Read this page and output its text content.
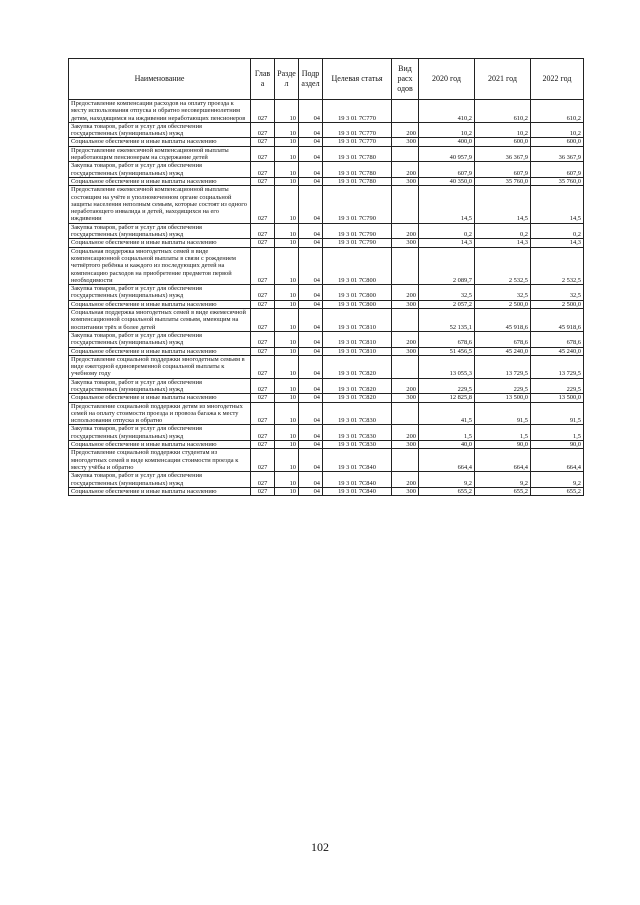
Наименование	Глав а	Разде л	Подр аздел	Целевая статья	Вид расх одов	2020 год	2021 год	2022 год
Предоставление компенсации расходов на оплату проезда к месту использования отпуска и обратно несовершеннолетним детям, находящимся на иждивении неработающих пенсионеров	027	10	04	19 3 01 7С770		410,2	610,2	610,2
Закупка товаров, работ и услуг для обеспечения государственных (муниципальных) нужд	027	10	04	19 3 01 7С770	200	10,2	10,2	10,2
Социальное обеспечение и иные выплаты населению	027	10	04	19 3 01 7С770	300	400,0	600,0	600,0
Предоставление ежемесячной компенсационной выплаты неработающим пенсионерам на содержание детей	027	10	04	19 3 01 7С780		40 957,9	36 367,9	36 367,9
Закупка товаров, работ и услуг для обеспечения государственных (муниципальных) нужд	027	10	04	19 3 01 7С780	200	607,9	607,9	607,9
Социальное обеспечение и иные выплаты населению	027	10	04	19 3 01 7С780	300	40 350,0	35 760,0	35 760,0
Предоставление ежемесячной компенсационной выплаты состоящим на учёте в уполномоченном органе социальной защиты населения неполным семьям, которые состоят из одного неработающего инвалида и детей, находящихся на его иждивении	027	10	04	19 3 01 7С790		14,5	14,5	14,5
Закупка товаров, работ и услуг для обеспечения государственных (муниципальных) нужд	027	10	04	19 3 01 7С790	200	0,2	0,2	0,2
Социальное обеспечение и иные выплаты населению	027	10	04	19 3 01 7С790	300	14,3	14,3	14,3
Социальная поддержка многодетных семей в виде компенсационной социальной выплаты в связи с рождением четвёртого ребёнка и каждого из последующих детей на компенсацию расходов на приобретение предметов первой необходимости	027	10	04	19 3 01 7С800		2 089,7	2 532,5	2 532,5
Закупка товаров, работ и услуг для обеспечения государственных (муниципальных) нужд	027	10	04	19 3 01 7С800	200	32,5	32,5	32,5
Социальное обеспечение и иные выплаты населению	027	10	04	19 3 01 7С800	300	2 057,2	2 500,0	2 500,0
Социальная поддержка многодетных семей в виде ежемесячной компенсационной социальной выплаты семьям, имеющим на воспитании трёх и более детей	027	10	04	19 3 01 7С810		52 135,1	45 918,6	45 918,6
Закупка товаров, работ и услуг для обеспечения государственных (муниципальных) нужд	027	10	04	19 3 01 7С810	200	678,6	678,6	678,6
Социальное обеспечение и иные выплаты населению	027	10	04	19 3 01 7С810	300	51 456,5	45 240,0	45 240,0
Предоставление социальной поддержки многодетным семьям в виде ежегодной единовременной социальной выплаты к учебному году	027	10	04	19 3 01 7С820		13 055,3	13 729,5	13 729,5
Закупка товаров, работ и услуг для обеспечения государственных (муниципальных) нужд	027	10	04	19 3 01 7С820	200	229,5	229,5	229,5
Социальное обеспечение и иные выплаты населению	027	10	04	19 3 01 7С820	300	12 825,8	13 500,0	13 500,0
Предоставление социальной поддержки детям из многодетных семей на оплату стоимости проезда и провоза багажа к месту использования отпуска и обратно	027	10	04	19 3 01 7С830		41,5	91,5	91,5
Закупка товаров, работ и услуг для обеспечения государственных (муниципальных) нужд	027	10	04	19 3 01 7С830	200	1,5	1,5	1,5
Социальное обеспечение и иные выплаты населению	027	10	04	19 3 01 7С830	300	40,0	90,0	90,0
Предоставление социальной поддержки студентам из многодетных семей в виде компенсации стоимости проезда к месту учёбы и обратно	027	10	04	19 3 01 7С840		664,4	664,4	664,4
Закупка товаров, работ и услуг для обеспечения государственных (муниципальных) нужд	027	10	04	19 3 01 7С840	200	9,2	9,2	9,2
Социальное обеспечение и иные выплаты населению	027	10	04	19 3 01 7С840	300	655,2	655,2	655,2
102
